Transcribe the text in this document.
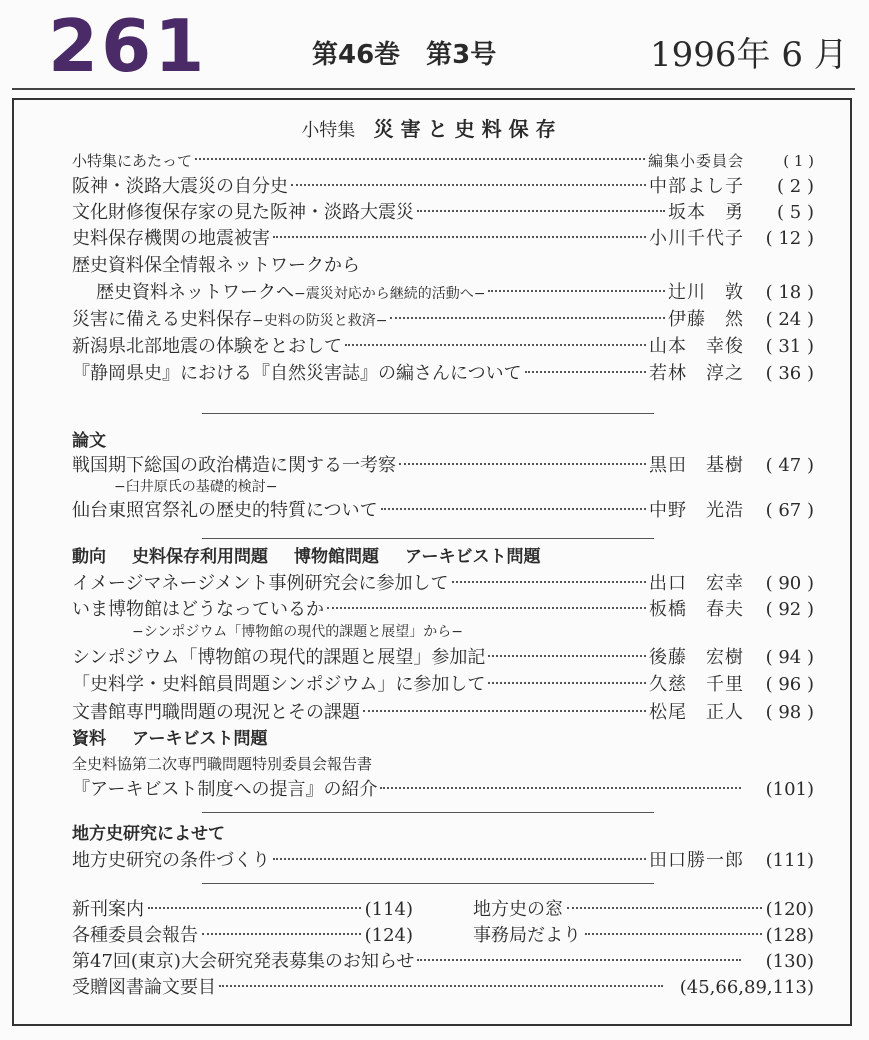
261	第46巻　第3号	1996年 6 月
小特集 災害と史料保存
小特集にあたって	編集小委員会	( 1 )
阪神・淡路大震災の自分史	中部よし子	( 2 )
文化財修復保存家の見た阪神・淡路大震災	坂本　勇	( 5 )
史料保存機関の地震被害	小川千代子	( 12 )
歴史資料保全情報ネットワークから
歴史資料ネットワークへ −震災対応から継続的活動へ−	辻川　敦	( 18 )
災害に備える史料保存 −史料の防災と救済−	伊藤　然	( 24 )
新潟県北部地震の体験をとおして	山本　幸俊	( 31 )
『静岡県史』における『自然災害誌』の編さんについて	若林　淳之	( 36 )
論文
戦国期下総国の政治構造に関する一考察	黒田　基樹	( 47 )
−臼井原氏の基礎的検討−
仙台東照宮祭礼の歴史的特質について	中野　光浩	( 67 )
動向 史料保存利用問題 博物館問題 アーキビスト問題
イメージマネージメント事例研究会に参加して	出口　宏幸	( 90 )
いま博物館はどうなっているか	板橋　春夫	( 92 )
−シンポジウム「博物館の現代的課題と展望」から−
シンポジウム「博物館の現代的課題と展望」参加記	後藤　宏樹	( 94 )
「史料学・史料館員問題シンポジウム」に参加して	久慈　千里	( 96 )
文書館専門職問題の現況とその課題	松尾　正人	( 98 )
資料 アーキビスト問題
全史料協第二次専門職問題特別委員会報告書
『アーキビスト制度への提言』の紹介	(101)
地方史研究によせて
地方史研究の条件づくり	田口勝一郎	(111)
新刊案内	(114)	地方史の窓	(120)
各種委員会報告	(124)	事務局だより	(128)
第47回(東京)大会研究発表募集のお知らせ	(130)
受贈図書論文要目	(45,66,89,113)
